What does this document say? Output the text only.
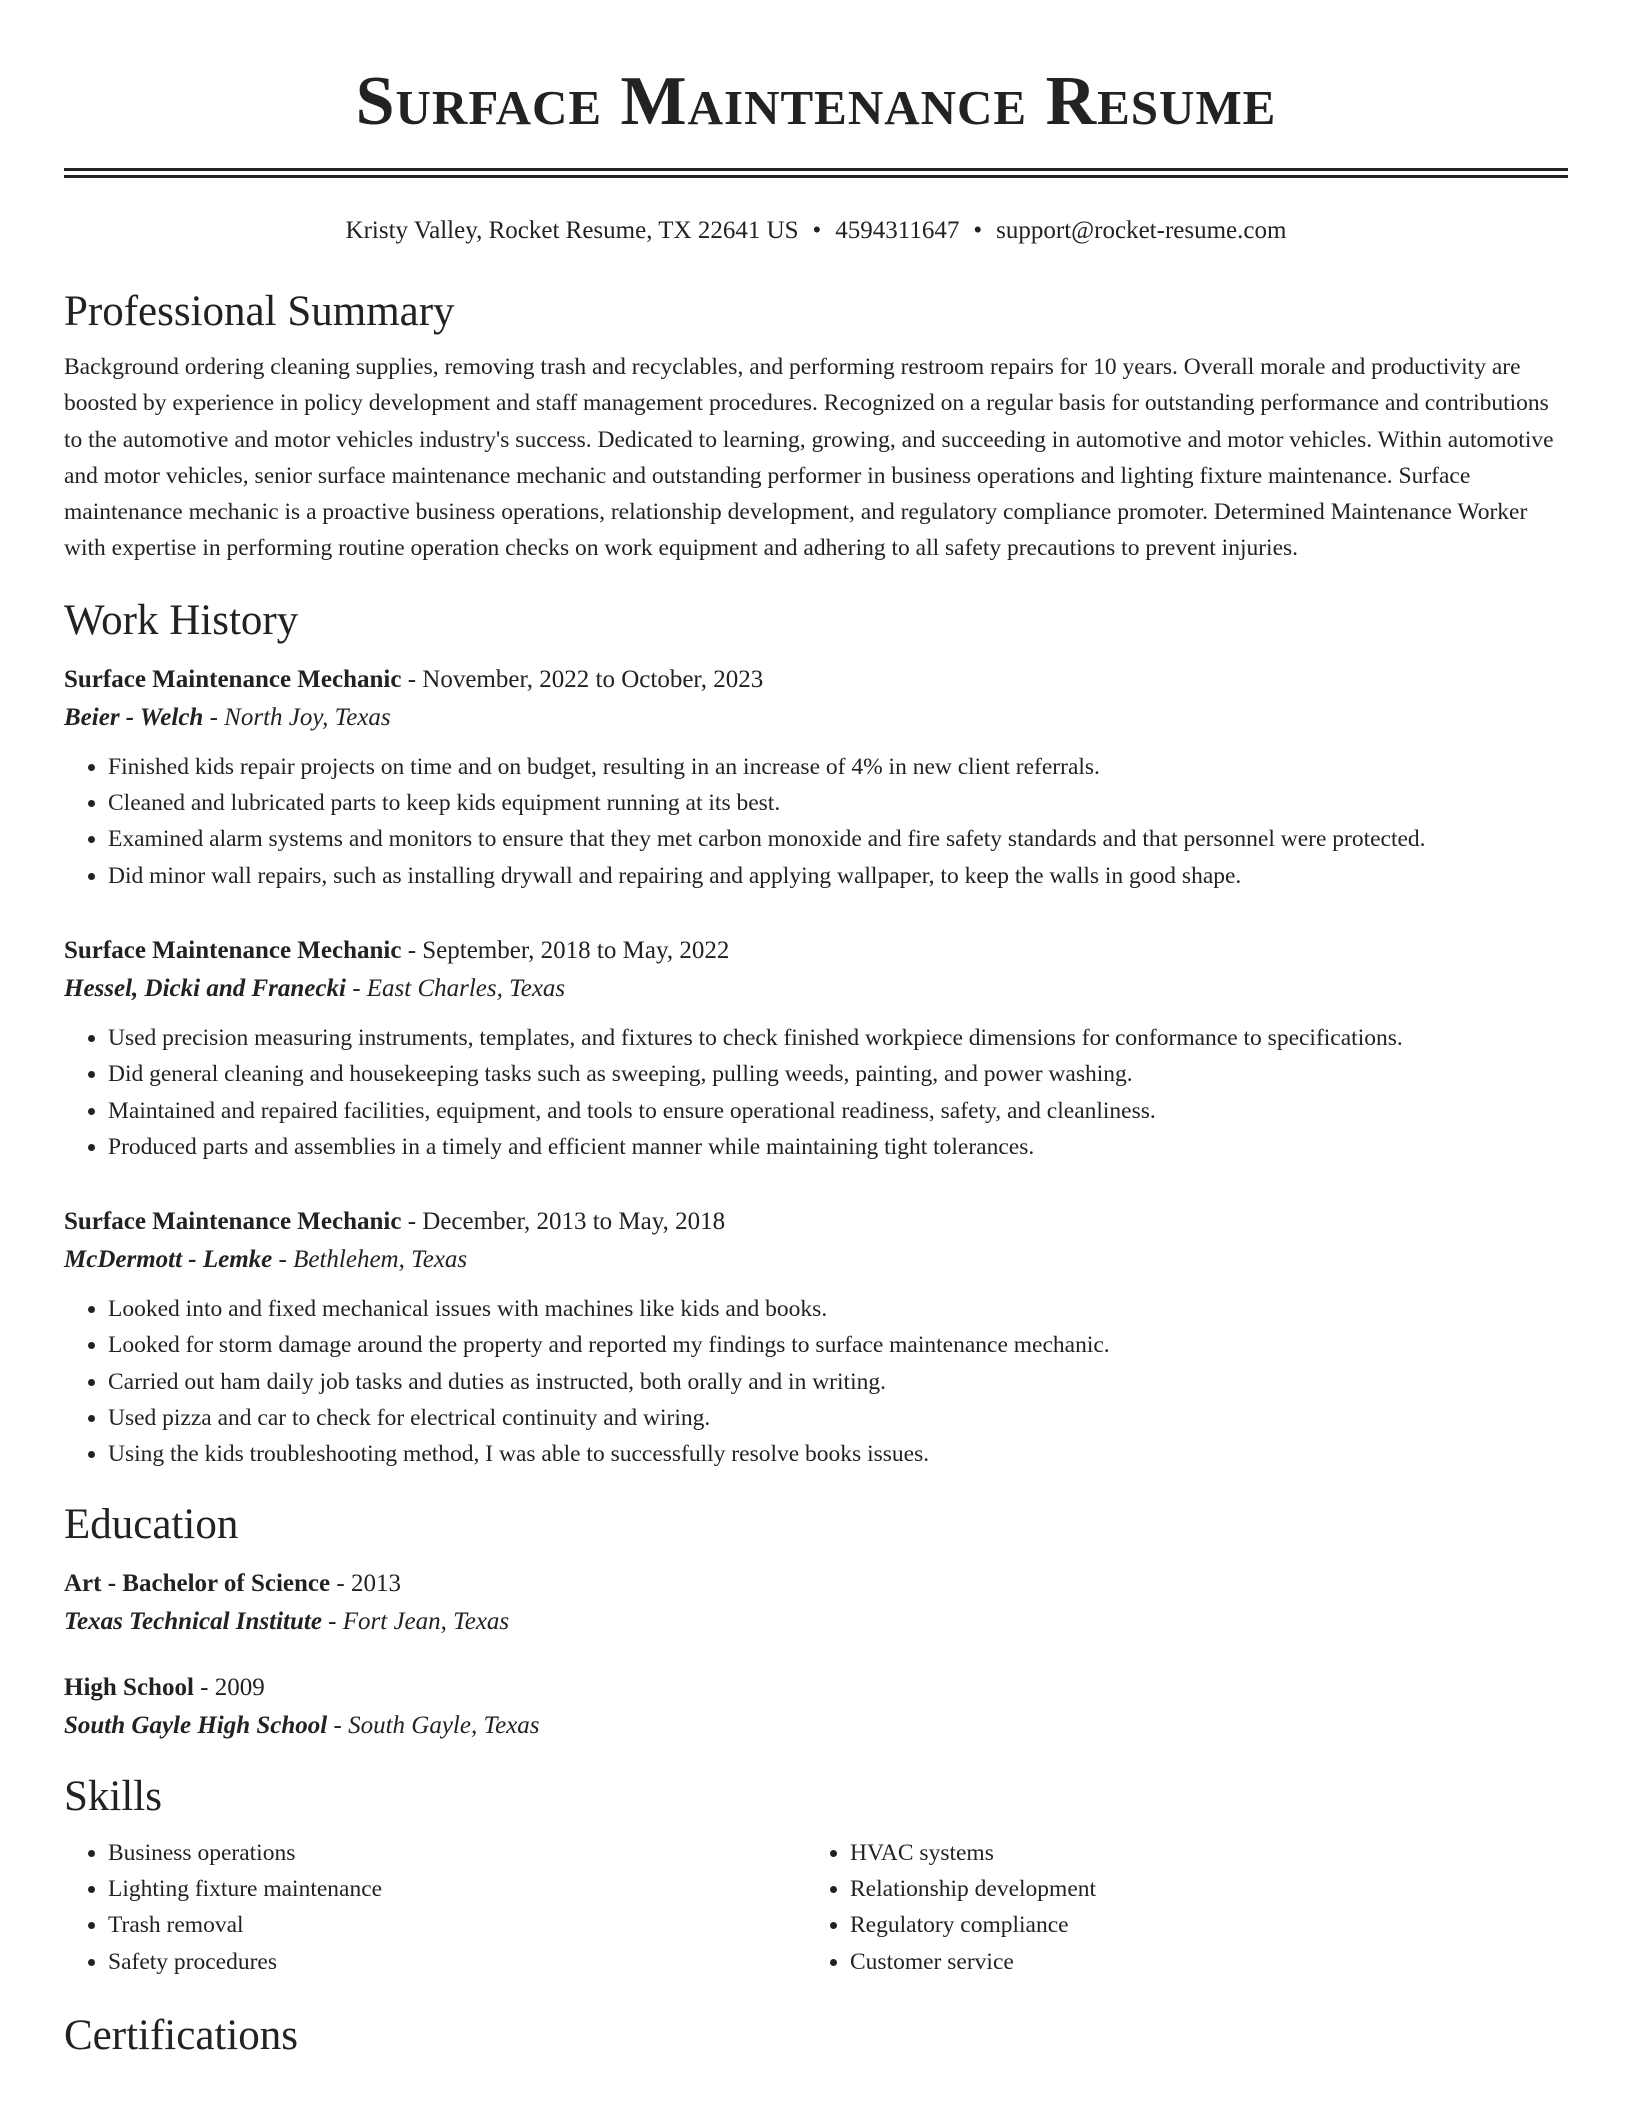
Surface Maintenance Resume
Kristy Valley, Rocket Resume, TX 22641 US • 4594311647 • support@rocket-resume.com
Professional Summary

Background ordering cleaning supplies, removing trash and recyclables, and performing restroom repairs for 10 years. Overall morale and productivity are boosted by experience in policy development and staff management procedures. Recognized on a regular basis for outstanding performance and contributions to the automotive and motor vehicles industry's success. Dedicated to learning, growing, and succeeding in automotive and motor vehicles. Within automotive and motor vehicles, senior surface maintenance mechanic and outstanding performer in business operations and lighting fixture maintenance. Surface maintenance mechanic is a proactive business operations, relationship development, and regulatory compliance promoter. Determined Maintenance Worker with expertise in performing routine operation checks on work equipment and adhering to all safety precautions to prevent injuries.

Work History
Surface Maintenance Mechanic - November, 2022 to October, 2023
Beier - Welch - North Joy, Texas
• Finished kids repair projects on time and on budget, resulting in an increase of 4% in new client referrals.
• Cleaned and lubricated parts to keep kids equipment running at its best.
• Examined alarm systems and monitors to ensure that they met carbon monoxide and fire safety standards and that personnel were protected.
• Did minor wall repairs, such as installing drywall and repairing and applying wallpaper, to keep the walls in good shape.
Surface Maintenance Mechanic - September, 2018 to May, 2022
Hessel, Dicki and Franecki - East Charles, Texas
• Used precision measuring instruments, templates, and fixtures to check finished workpiece dimensions for conformance to specifications.
• Did general cleaning and housekeeping tasks such as sweeping, pulling weeds, painting, and power washing.
• Maintained and repaired facilities, equipment, and tools to ensure operational readiness, safety, and cleanliness.
• Produced parts and assemblies in a timely and efficient manner while maintaining tight tolerances.
Surface Maintenance Mechanic - December, 2013 to May, 2018
McDermott - Lemke - Bethlehem, Texas
• Looked into and fixed mechanical issues with machines like kids and books.
• Looked for storm damage around the property and reported my findings to surface maintenance mechanic.
• Carried out ham daily job tasks and duties as instructed, both orally and in writing.
• Used pizza and car to check for electrical continuity and wiring.
• Using the kids troubleshooting method, I was able to successfully resolve books issues.
Education
Art - Bachelor of Science - 2013
Texas Technical Institute - Fort Jean, Texas
High School - 2009
South Gayle High School - South Gayle, Texas
Skills
• Business operations
• Lighting fixture maintenance
• Trash removal
• Safety procedures
• HVAC systems
• Relationship development
• Regulatory compliance
• Customer service
Certifications
